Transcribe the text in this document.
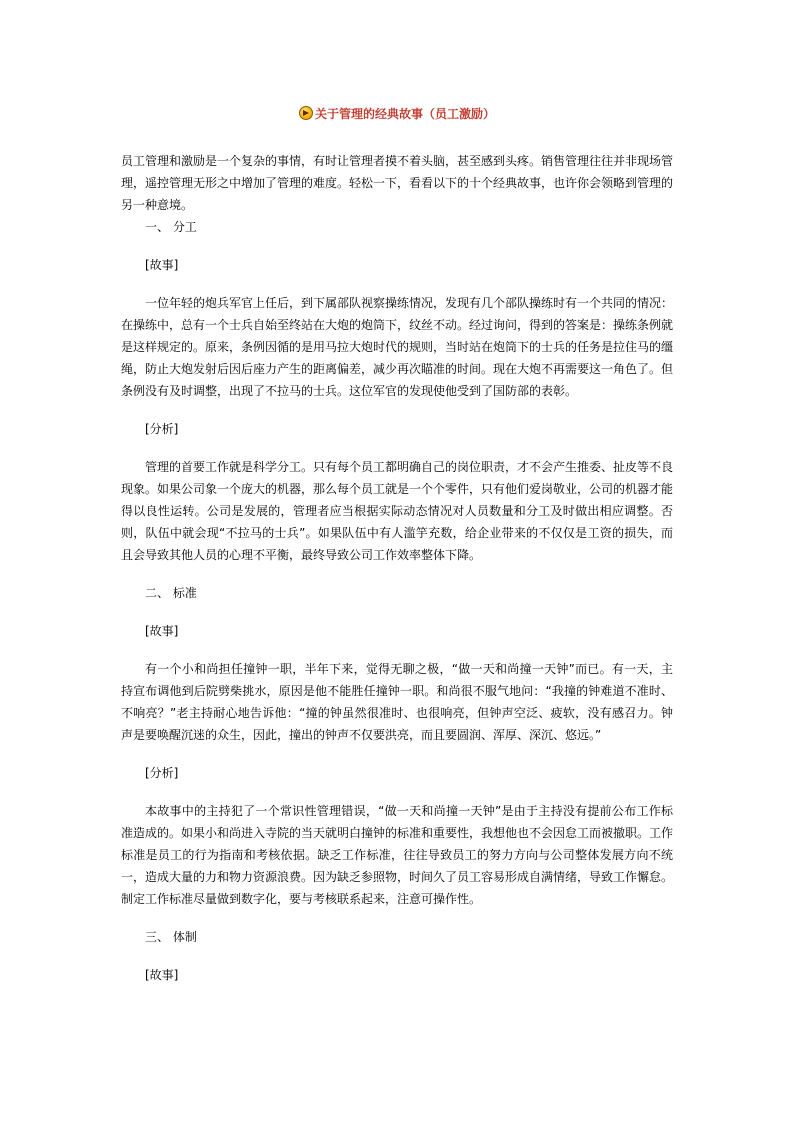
关于管理的经典故事（员工激励）

员工管理和激励是一个复杂的事情，有时让管理者摸不着头脑，甚至感到头疼。销售管理往往并非现场管理，遥控管理无形之中增加了管理的难度。轻松一下，看看以下的十个经典故事，也许你会领略到管理的另一种意境。

一、 分工

[故事]

一位年轻的炮兵军官上任后，到下属部队视察操练情况，发现有几个部队操练时有一个共同的情况：在操练中，总有一个士兵自始至终站在大炮的炮筒下，纹丝不动。经过询问，得到的答案是：操练条例就是这样规定的。原来，条例因循的是用马拉大炮时代的规则，当时站在炮筒下的士兵的任务是拉住马的缰绳，防止大炮发射后因后座力产生的距离偏差，减少再次瞄准的时间。现在大炮不再需要这一角色了。但条例没有及时调整，出现了不拉马的士兵。这位军官的发现使他受到了国防部的表彰。

[分析]

管理的首要工作就是科学分工。只有每个员工都明确自己的岗位职责，才不会产生推委、扯皮等不良现象。如果公司象一个庞大的机器，那么每个员工就是一个个零件，只有他们爱岗敬业，公司的机器才能得以良性运转。公司是发展的，管理者应当根据实际动态情况对人员数量和分工及时做出相应调整。否则，队伍中就会现“不拉马的士兵”。如果队伍中有人滥竽充数，给企业带来的不仅仅是工资的损失，而且会导致其他人员的心理不平衡，最终导致公司工作效率整体下降。

二、 标准

[故事]

有一个小和尚担任撞钟一职，半年下来，觉得无聊之极，“做一天和尚撞一天钟”而已。有一天，主持宣布调他到后院劈柴挑水，原因是他不能胜任撞钟一职。和尚很不服气地问：“我撞的钟难道不准时、不响亮？”老主持耐心地告诉他：“撞的钟虽然很准时、也很响亮，但钟声空泛、疲软，没有感召力。钟声是要唤醒沉迷的众生，因此，撞出的钟声不仅要洪亮，而且要圆润、浑厚、深沉、悠远。”

[分析]

本故事中的主持犯了一个常识性管理错误，“做一天和尚撞一天钟”是由于主持没有提前公布工作标准造成的。如果小和尚进入寺院的当天就明白撞钟的标准和重要性，我想他也不会因怠工而被撤职。工作标准是员工的行为指南和考核依据。缺乏工作标准，往往导致员工的努力方向与公司整体发展方向不统一，造成大量的力和物力资源浪费。因为缺乏参照物，时间久了员工容易形成自满情绪，导致工作懈怠。制定工作标准尽量做到数字化，要与考核联系起来，注意可操作性。

三、 体制

[故事]
